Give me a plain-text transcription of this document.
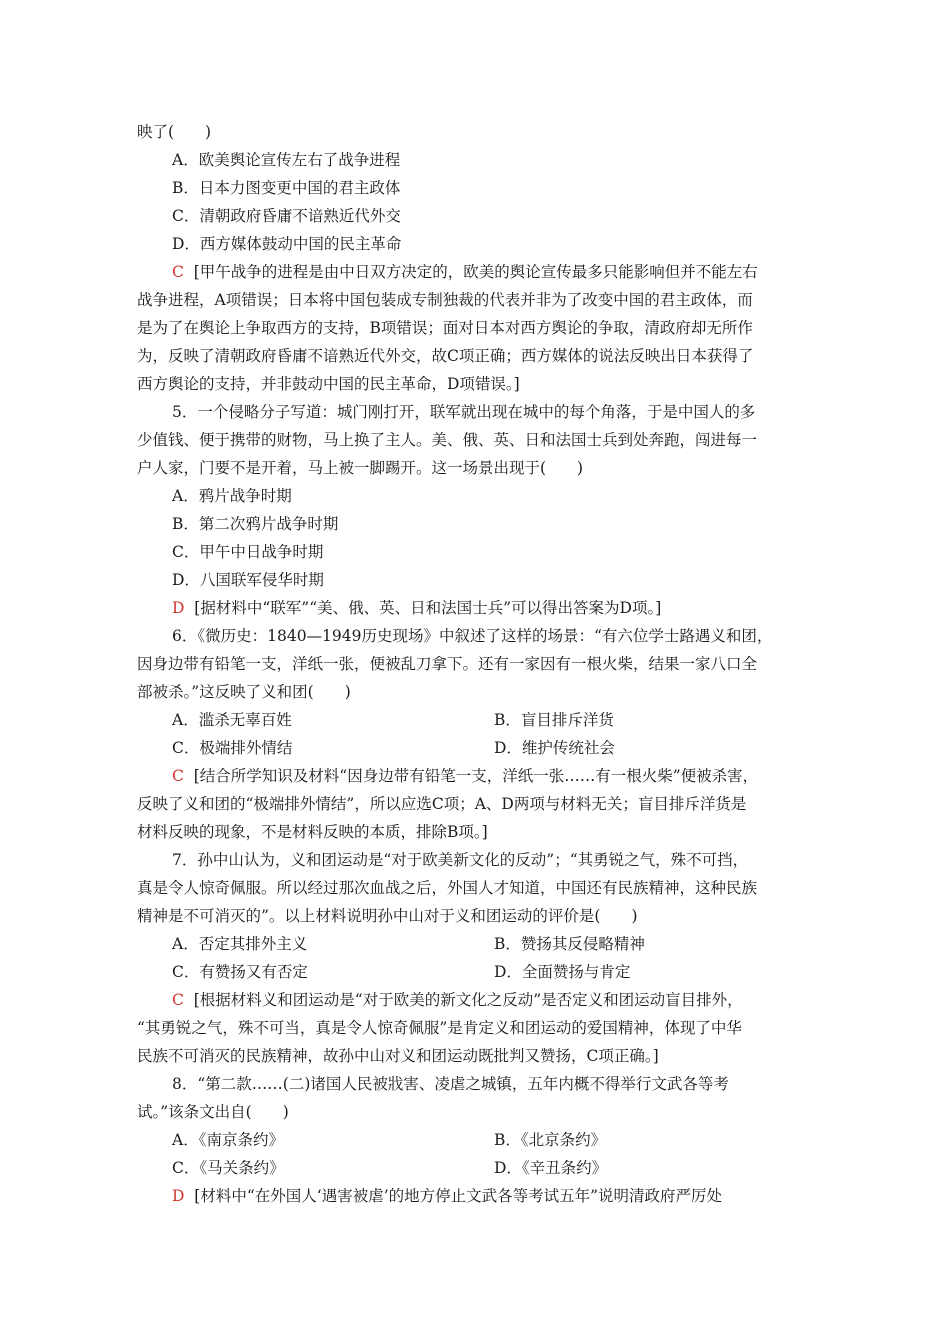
映了(　　)
A．欧美舆论宣传左右了战争进程
B．日本力图变更中国的君主政体
C．清朝政府昏庸不谙熟近代外交
D．西方媒体鼓动中国的民主革命
C [甲午战争的进程是由中日双方决定的，欧美的舆论宣传最多只能影响但并不能左右
战争进程，A项错误；日本将中国包装成专制独裁的代表并非为了改变中国的君主政体，而
是为了在舆论上争取西方的支持，B项错误；面对日本对西方舆论的争取，清政府却无所作
为，反映了清朝政府昏庸不谙熟近代外交，故C项正确；西方媒体的说法反映出日本获得了
西方舆论的支持，并非鼓动中国的民主革命，D项错误。]
5．一个侵略分子写道：城门刚打开，联军就出现在城中的每个角落，于是中国人的多
少值钱、便于携带的财物，马上换了主人。美、俄、英、日和法国士兵到处奔跑，闯进每一
户人家，门要不是开着，马上被一脚踢开。这一场景出现于(　　)
A．鸦片战争时期
B．第二次鸦片战争时期
C．甲午中日战争时期
D．八国联军侵华时期
D [据材料中“联军”“美、俄、英、日和法国士兵”可以得出答案为D项。]
6．《微历史：1840—1949历史现场》中叙述了这样的场景：“有六位学士路遇义和团，
因身边带有铅笔一支，洋纸一张，便被乱刀拿下。还有一家因有一根火柴，结果一家八口全
部被杀。”这反映了义和团(　　)
A．滥杀无辜百姓	B．盲目排斥洋货
C．极端排外情结	D．维护传统社会
C [结合所学知识及材料“因身边带有铅笔一支，洋纸一张……有一根火柴”便被杀害，
反映了义和团的“极端排外情结”，所以应选C项；A、D两项与材料无关；盲目排斥洋货是
材料反映的现象，不是材料反映的本质，排除B项。]
7．孙中山认为，义和团运动是“对于欧美新文化的反动”；“其勇锐之气，殊不可挡，
真是令人惊奇佩服。所以经过那次血战之后，外国人才知道，中国还有民族精神，这种民族
精神是不可消灭的”。以上材料说明孙中山对于义和团运动的评价是(　　)
A．否定其排外主义	B．赞扬其反侵略精神
C．有赞扬又有否定	D．全面赞扬与肯定
C [根据材料义和团运动是“对于欧美的新文化之反动”是否定义和团运动盲目排外，
“其勇锐之气，殊不可当，真是令人惊奇佩服”是肯定义和团运动的爱国精神，体现了中华
民族不可消灭的民族精神，故孙中山对义和团运动既批判又赞扬，C项正确。]
8．“第二款……(二)诸国人民被戕害、凌虐之城镇，五年内概不得举行文武各等考
试。”该条文出自(　　)
A．《南京条约》	B．《北京条约》
C．《马关条约》	D．《辛丑条约》
D [材料中“在外国人‘遇害被虐’的地方停止文武各等考试五年”说明清政府严厉处
